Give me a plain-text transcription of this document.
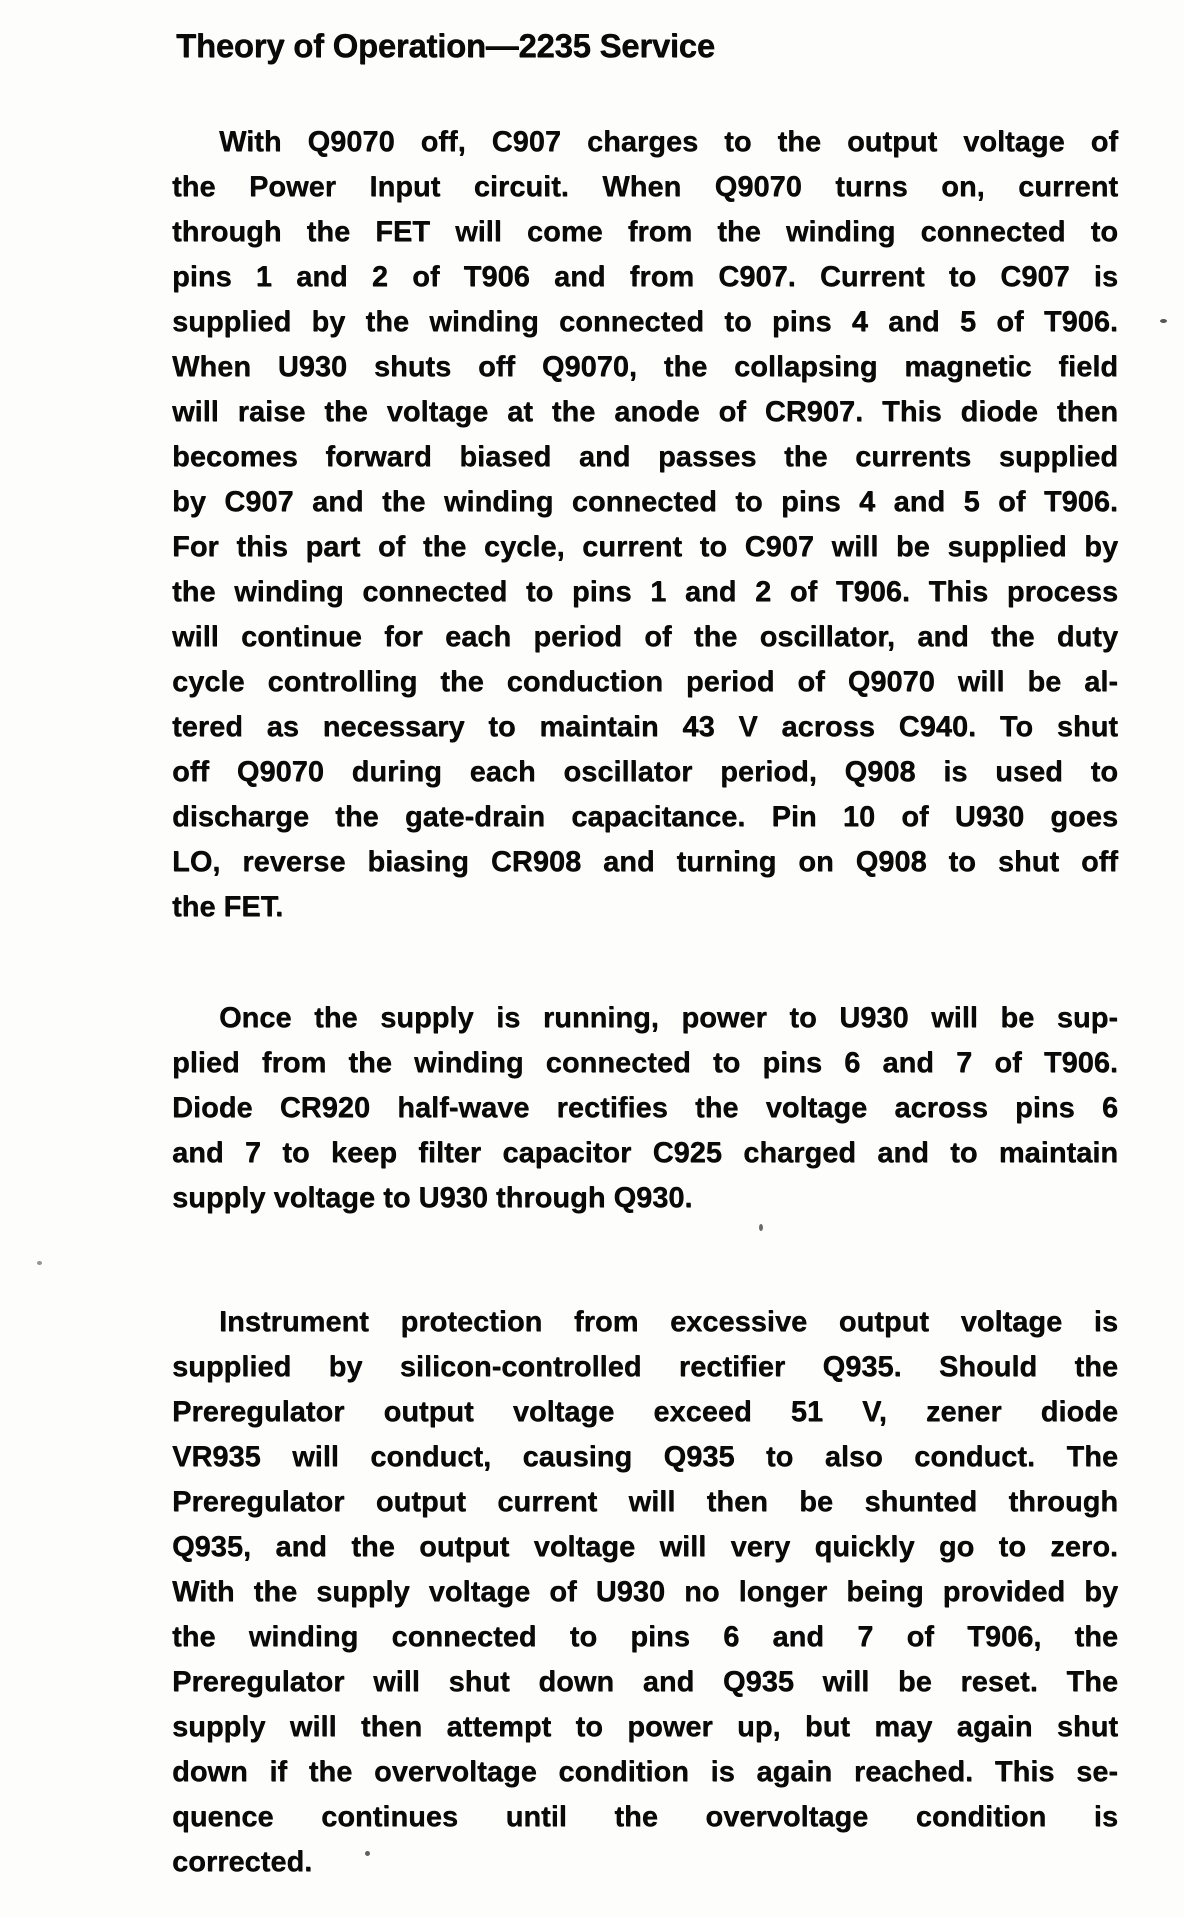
Theory of Operation—2235 Service
With Q9070 off, C907 charges to the output voltage of
the Power Input circuit. When Q9070 turns on, current
through the FET will come from the winding connected to
pins 1 and 2 of T906 and from C907. Current to C907 is
supplied by the winding connected to pins 4 and 5 of T906.
When U930 shuts off Q9070, the collapsing magnetic field
will raise the voltage at the anode of CR907. This diode then
becomes forward biased and passes the currents supplied
by C907 and the winding connected to pins 4 and 5 of T906.
For this part of the cycle, current to C907 will be supplied by
the winding connected to pins 1 and 2 of T906. This process
will continue for each period of the oscillator, and the duty
cycle controlling the conduction period of Q9070 will be al-
tered as necessary to maintain 43 V across C940. To shut
off Q9070 during each oscillator period, Q908 is used to
discharge the gate-drain capacitance. Pin 10 of U930 goes
LO, reverse biasing CR908 and turning on Q908 to shut off
the FET.
Once the supply is running, power to U930 will be sup-
plied from the winding connected to pins 6 and 7 of T906.
Diode CR920 half-wave rectifies the voltage across pins 6
and 7 to keep filter capacitor C925 charged and to maintain
supply voltage to U930 through Q930.
Instrument protection from excessive output voltage is
supplied by silicon-controlled rectifier Q935. Should the
Preregulator output voltage exceed 51 V, zener diode
VR935 will conduct, causing Q935 to also conduct. The
Preregulator output current will then be shunted through
Q935, and the output voltage will very quickly go to zero.
With the supply voltage of U930 no longer being provided by
the winding connected to pins 6 and 7 of T906, the
Preregulator will shut down and Q935 will be reset. The
supply will then attempt to power up, but may again shut
down if the overvoltage condition is again reached. This se-
quence continues until the overvoltage condition is
corrected.
